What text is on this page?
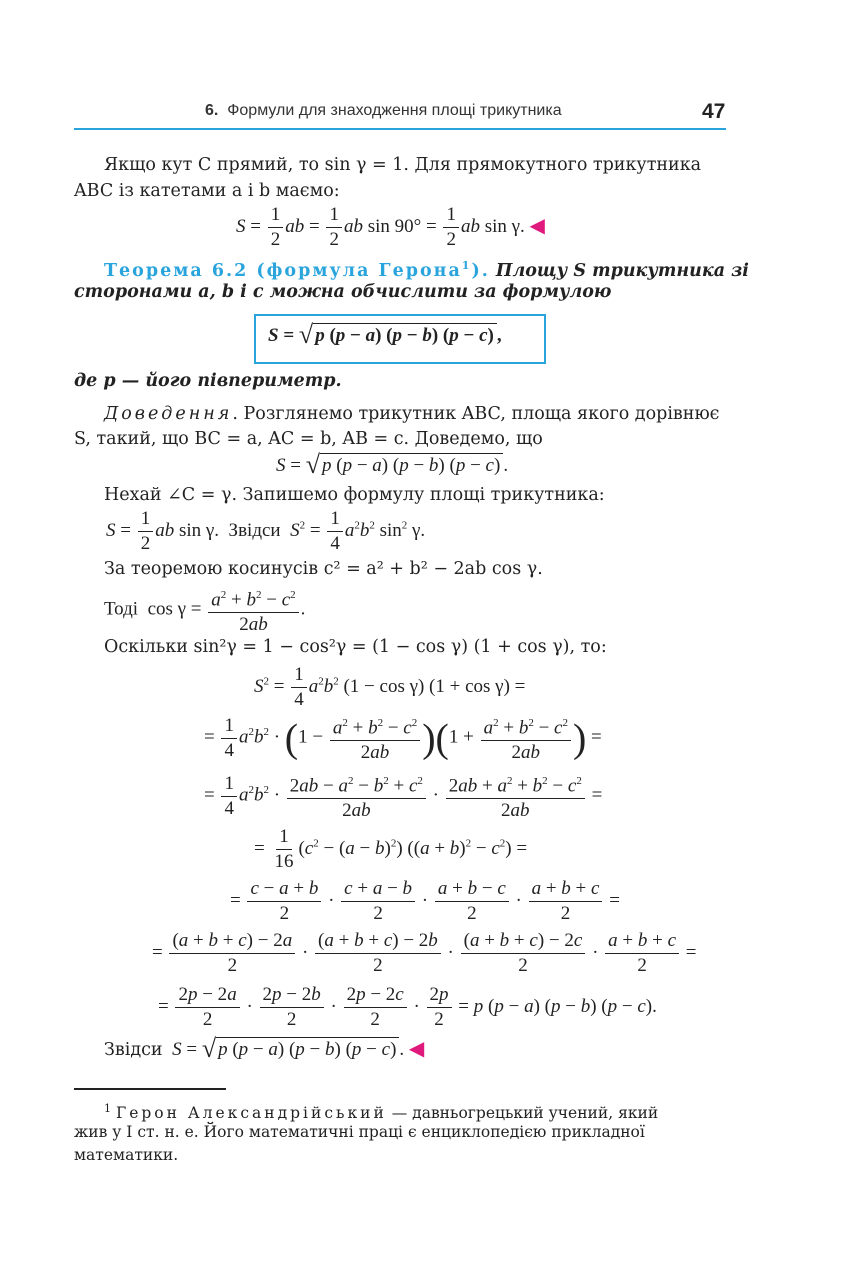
6. Формули для знаходження площі трикутника	47
Якщо кут C прямий, то sin γ = 1. Для прямокутного трикутника
ABC із катетами a і b маємо:
$S = \frac{1}{2}$ ab = $\frac{1}{2}$ ab $\sin 90^\circ = \frac{1}{2}$ ab sin γ. ◀
Теорема 6.2 (формула Герона$^1$). Площу S трикутника зі
сторонами a, b і c можна обчислити за формулою
S = √ p (p − a) (p − b) (p − c) ,
де p — його півпериметр.
Доведення. Розглянемо трикутник ABC, площа якого дорівнює
S, такий, що BC = a, AC = b, AB = c. Доведемо, що
S = √ p (p − a) (p − b) (p − c) .
Нехай ∠C = γ. Запишемо формулу площі трикутника:
$S = \frac{1}{2}$ ab sin γ.  Звідси $S^2 = \frac{1}{4} a^2b^2$ $\sin^2 \gamma$.
За теоремою косинусів c² = a² + b² − 2ab cos γ.
Тоді  $\cos \gamma = \frac{a^2 + b^2 - c^2}{2ab}$ .
Оскільки sin²γ = 1 − cos²γ = (1 − cos γ) (1 + cos γ), то:
$S^2 = \frac{1}{4} a^2b^2$ (1 − cos γ) (1 + cos γ) =
= $\frac{1}{4} a^2b^2 \cdot (1 - \frac{a^2 + b^2 - c^2}{2ab} )(1 + \frac{a^2 + b^2 - c^2}{2ab}$ ) =
= $\frac{1}{4} a^2b^2 \cdot \frac{2ab - a^2 - b^2 + c^2}{2ab} \cdot \frac{2ab + a^2 + b^2 - c^2}{2ab}$ =
= $\frac{1}{16} (c^2 - (a - b)^2) ((a + b)^2 - c^2)$ =
= $\frac{c - a + b}{2} \cdot \frac{c + a - b}{2} \cdot \frac{a + b - c}{2} \cdot \frac{a + b + c}{2}$ =
= $\frac{(a + b + c) - 2a}{2} \cdot \frac{(a + b + c) - 2b}{2} \cdot \frac{(a + b + c) - 2c}{2} \cdot \frac{a + b + c}{2}$ =
= $\frac{2p - 2a}{2} \cdot \frac{2p - 2b}{2} \cdot \frac{2p - 2c}{2} \cdot \frac{2p}{2} = p$ (p − a) (p − b) (p − c).
Звідси S = √ p (p − a) (p − b) (p − c) . ◀
$^1$ Герон Александрійський — давньогрецький учений, який
жив у I ст. н. е. Його математичні праці є енциклопедією прикладної
математики.
